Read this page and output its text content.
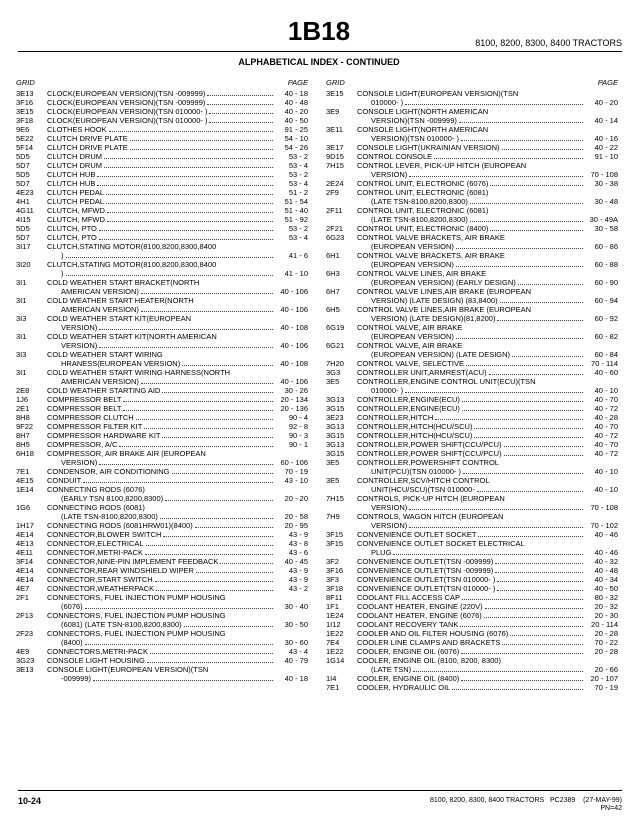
1B18	8100, 8200, 8300, 8400 TRACTORS
ALPHABETICAL INDEX - CONTINUED
GRID	PAGE
3E13	CLOCK(EUROPEAN VERSION)(TSN -009999)	40 - 18
3F16	CLOCK(EUROPEAN VERSION)(TSN -009999)	40 - 48
3E15	CLOCK(EUROPEAN VERSION)(TSN 010000- )	40 - 20
3F18	CLOCK(EUROPEAN VERSION)(TSN 010000- )	40 - 50
9E6	CLOTHES HOOK	91 - 25
5E22	CLUTCH DRIVE PLATE	54 - 10
5F14	CLUTCH DRIVE PLATE	54 - 26
5D5	CLUTCH DRUM	53 - 2
5D7	CLUTCH DRUM	53 - 4
5D5	CLUTCH HUB	53 - 2
5D7	CLUTCH HUB	53 - 4
4E23	CLUTCH PEDAL	51 - 2
4H1	CLUTCH PEDAL	51 - 54
4G11	CLUTCH, MFWD	51 - 40
4I15	CLUTCH, MFWD	51 - 92
5D5	CLUTCH, PTO	53 - 2
5D7	CLUTCH, PTO	53 - 4
3I17	CLUTCH,STATING MOTOR(8100,8200,8300,8400
)	41 - 6
3I20	CLUTCH,STATING MOTOR(8100,8200,8300,8400
)	41 - 10
3I1	COLD WEATHER START BRACKET(NORTH
AMERICAN VERSION)	40 - 106
3I1	COLD WEATHER START HEATER(NORTH
AMERICAN VERSION)	40 - 106
3I3	COLD WEATHER START KIT(EUROPEAN
VERSION)	40 - 108
3I1	COLD WEATHER START KIT(NORTH AMERICAN
VERSION)	40 - 106
3I3	COLD WEATHER START WIRING
HRANESS(EUROPEAN VERSION)	40 - 108
3I1	COLD WEATHER START WIRING HARNESS(NORTH
AMERICAN VERSION)	40 - 106
2E8	COLD WEATHER STARTING AID	30 - 26
1J6	COMPRESSOR BELT	20 - 134
2E1	COMPRESSOR BELT	20 - 136
8H8	COMPRESSOR CLUTCH	90 - 4
9F22	COMPRESSOR FILTER KIT	92 - 8
8H7	COMPRESSOR HARDWARE KIT	90 - 3
8H5	COMPRESSOR, A/C	90 - 1
6H18	COMPRESSOR, AIR BRAKE AIR (EUROPEAN
VERSION)	60 - 106
7E1	CONDENSOR, AIR CONDITIONING	70 - 19
4E15	CONDUIT	43 - 10
1E14	CONNECTING RODS (6076)
(EARLY TSN 8100,8200,8300)	20 - 20
1G6	CONNECTING RODS (6081)
(LATE TSN-8100,8200,8300)	20 - 58
1H17	CONNECTING RODS (6081HRW01)(8400)	20 - 95
4E14	CONNECTOR,BLOWER SWITCH	43 - 9
4E13	CONNECTOR,ELECTRICAL	43 - 8
4E11	CONNECTOR,METRI-PACK	43 - 6
3F14	CONNECTOR,NINE-PIN IMPLEMENT FEEDBACK	40 - 45
4E14	CONNECTOR,REAR WINDSHIELD WIPER	43 - 9
4E14	CONNECTOR,START SWITCH	43 - 9
4E7	CONNECTOR,WEATHERPACK	43 - 2
2F1	CONNECTORS, FUEL INJECTION PUMP HOUSING
(6076)	30 - 40
2F13	CONNECTORS, FUEL INJECTION PUMP HOUSING
(6081) (LATE TSN-8100,8200,8300)	30 - 50
2F23	CONNECTORS, FUEL INJECTION PUMP HOUSING
(8400)	30 - 60
4E9	CONNECTORS,METRI-PACK	43 - 4
3G23	CONSOLE LIGHT HOUSING	40 - 79
3E13	CONSOLE LIGHT(EUROPEAN VERSION)(TSN
-009999)	40 - 18
GRID	PAGE
3E15	CONSOLE LIGHT(EUROPEAN VERSION)(TSN
010000- )	40 - 20
3E9	CONSOLE LIGHT(NORTH AMERICAN
VERSION)(TSN -009999)	40 - 14
3E11	CONSOLE LIGHT(NORTH AMERICAN
VERSION)(TSN 010000- )	40 - 16
3E17	CONSOLE LIGHT(UKRAINIAN VERSION)	40 - 22
9D15	CONTROL CONSOLE	91 - 10
7H15	CONTROL LEVER, PICK-UP HITCH (EUROPEAN
VERSION)	70 - 108
2E24	CONTROL UNIT, ELECTRONIC (6076)	30 - 38
2F9	CONTROL UNIT, ELECTRONIC (6081)
(LATE TSN-8100,8200,8300)	30 - 48
2F11	CONTROL UNIT, ELECTRONIC (6081)
(LATE TSN-8100,8200,8300)	30 - 49A
2F21	CONTROL UNIT, ELECTRONIC (8400)	30 - 58
6G23	CONTROL VALVE BRACKETS, AIR BRAKE
(EUROPEAN VERSION)	60 - 86
6H1	CONTROL VALVE BRACKETS, AIR BRAKE
(EUROPEAN VERSION)	60 - 88
6H3	CONTROL VALVE LINES, AIR BRAKE
(EUROPEAN VERSION) (EARLY DESIGN)	60 - 90
6H7	CONTROL VALVE LINES,AIR BRAKE (EUROPEAN
VERSION) (LATE DESIGN) (83,8400)	60 - 94
6H5	CONTROL VALVE LINES,AIR BRAKE (EUROPEAN
VERSION) (LATE DESIGN)(81,8200)	60 - 92
6G19	CONTROL VALVE, AIR BRAKE
(EUROPEAN VERSION)	60 - 82
6G21	CONTROL VALVE, AIR BRAKE
(EUROPEAN VERSION) (LATE DESIGN)	60 - 84
7H20	CONTROL VALVE, SELECTIVE	70 - 114
3G3	CONTROLLER UNIT,ARMREST(ACU)	40 - 60
3E5	CONTROLLER,ENGINE CONTROL UNIT(ECU)(TSN
010000- )	40 - 10
3G13	CONTROLLER,ENGINE(ECU)	40 - 70
3G15	CONTROLLER,ENGINE(ECU)	40 - 72
3E23	CONTROLLER,HITCH	40 - 28
3G13	CONTROLLER,HITCH(HCU/SCU)	40 - 70
3G15	CONTROLLER,HITCH(HCU/SCU)	40 - 72
3G13	CONTROLLER,POWER SHIFT(CCU/PCU)	40 - 70
3G15	CONTROLLER,POWER SHIFT(CCU/PCU)	40 - 72
3E5	CONTROLLER,POWERSHIFT CONTROL
UNIT(PCU)(TSN 010000- )	40 - 10
3E5	CONTROLLER,SCV/HITCH CONTROL
UNIT(HCU/SCU)(TSN 010000-	40 - 10
7H15	CONTROLS, PICK-UP HITCH (EUROPEAN
VERSION)	70 - 108
7H9	CONTROLS, WAGON HITCH (EUROPEAN
VERSION)	70 - 102
3F15	CONVENIENCE OUTLET SOCKET	40 - 46
3F15	CONVENIENCE OUTLET SOCKET ELECTRICAL
PLUG	40 - 46
3F2	CONVENIENCE OUTLET(TSN -009999)	40 - 32
3F16	CONVENIENCE OUTLET(TSN -009999)	40 - 48
3F3	CONVENIENCE OUTLET(TSN 010000- )	40 - 34
3F18	CONVENIENCE OUTLET(TSN 010000- )	40 - 50
8F11	COOLANT FILL ACCESS CAP	80 - 32
1F1	COOLANT HEATER, ENGINE (220V)	20 - 32
1E24	COOLANT HEATER, ENGINE (6076)	20 - 30
1I12	COOLANT RECOVERY TANK	20 - 114
1E22	COOLER AND OIL FILTER HOUSING (6076)	20 - 28
7E4	COOLER LINE CLAMPS AND BRACKETS	70 - 22
1E22	COOLER, ENGINE OIL (6076)	20 - 28
1G14	COOLER, ENGINE OIL (8100, 8200, 8300)
(LATE TSN)	20 - 66
1I4	COOLER, ENGINE OIL (8400)	20 - 107
7E1	COOLER, HYDRAULIC OIL	70 - 19
10-24	8100, 8200, 8300, 8400 TRACTORS PC2389 (27-MAY-99)
PN=42
